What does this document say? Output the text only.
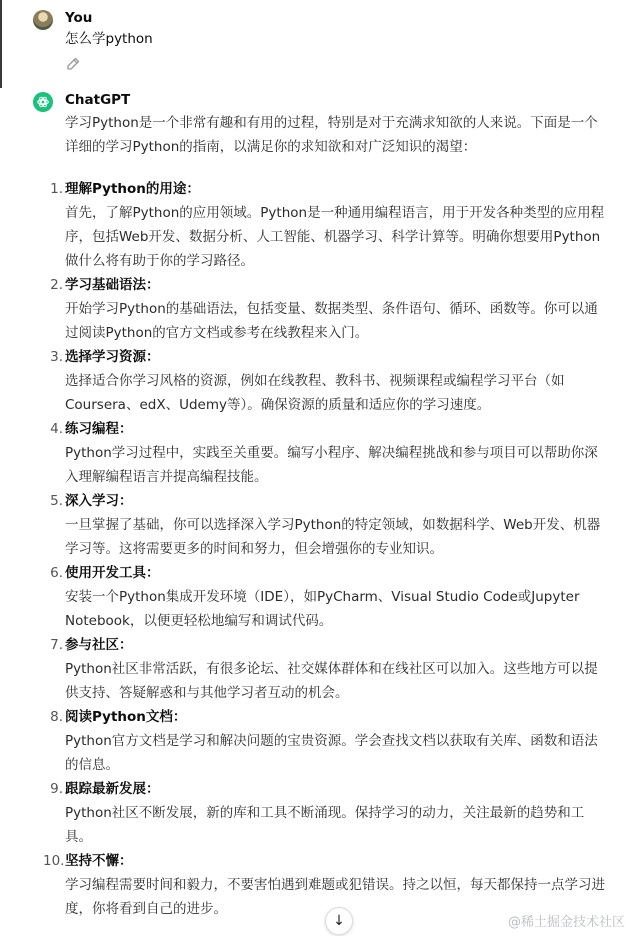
You
怎么学python
ChatGPT

学习Python是一个非常有趣和有用的过程，特别是对于充满求知欲的人来说。下面是一个详细的学习Python的指南，以满足你的求知欲和对广泛知识的渴望：

1. 理解Python的用途：
首先，了解Python的应用领域。Python是一种通用编程语言，用于开发各种类型的应用程序，包括Web开发、数据分析、人工智能、机器学习、科学计算等。明确你想要用Python做什么将有助于你的学习路径。
2. 学习基础语法：
开始学习Python的基础语法，包括变量、数据类型、条件语句、循环、函数等。你可以通过阅读Python的官方文档或参考在线教程来入门。
3. 选择学习资源：
选择适合你学习风格的资源，例如在线教程、教科书、视频课程或编程学习平台（如Coursera、edX、Udemy等）。确保资源的质量和适应你的学习速度。
4. 练习编程：
Python学习过程中，实践至关重要。编写小程序、解决编程挑战和参与项目可以帮助你深入理解编程语言并提高编程技能。
5. 深入学习：
一旦掌握了基础，你可以选择深入学习Python的特定领域，如数据科学、Web开发、机器学习等。这将需要更多的时间和努力，但会增强你的专业知识。
6. 使用开发工具：
安装一个Python集成开发环境（IDE），如PyCharm、Visual Studio Code或Jupyter Notebook，以便更轻松地编写和调试代码。
7. 参与社区：
Python社区非常活跃，有很多论坛、社交媒体群体和在线社区可以加入。这些地方可以提供支持、答疑解惑和与其他学习者互动的机会。
8. 阅读Python文档：
Python官方文档是学习和解决问题的宝贵资源。学会查找文档以获取有关库、函数和语法的信息。
9. 跟踪最新发展：
Python社区不断发展，新的库和工具不断涌现。保持学习的动力，关注最新的趋势和工具。
10. 坚持不懈：
学习编程需要时间和毅力，不要害怕遇到难题或犯错误。持之以恒，每天都保持一点学习进度，你将看到自己的进步。
↓	@稀土掘金技术社区
